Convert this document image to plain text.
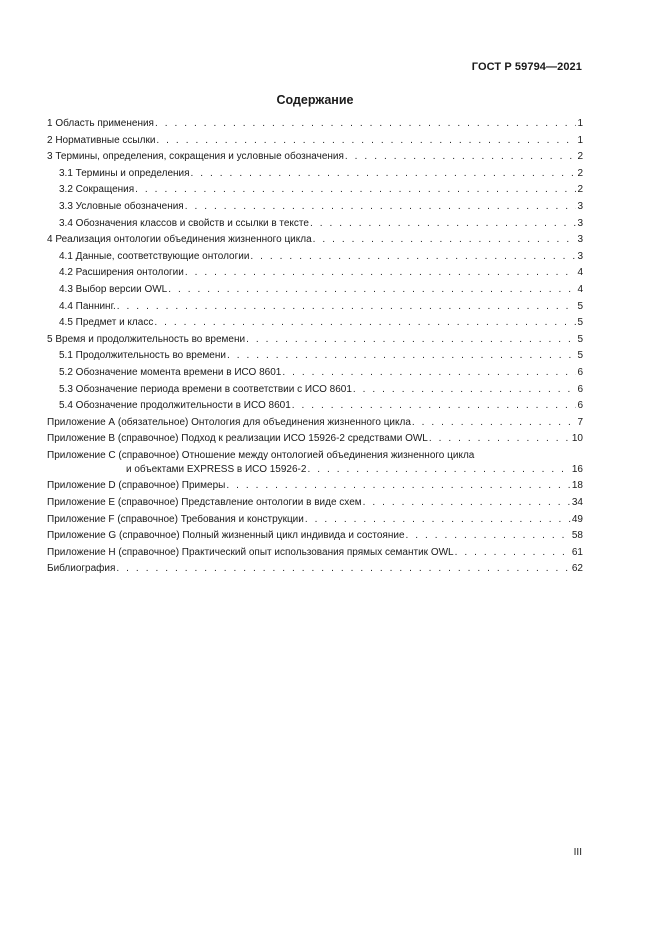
ГОСТ Р 59794—2021
Содержание
1 Область применения . . .	1
2 Нормативные ссылки . . .	1
3 Термины, определения, сокращения и условные обозначения . . .	2
3.1 Термины и определения . . .	2
3.2 Сокращения . . .	2
3.3 Условные обозначения . . .	3
3.4 Обозначения классов и свойств и ссылки в тексте . . .	3
4 Реализация онтологии объединения жизненного цикла . . .	3
4.1 Данные, соответствующие онтологии . . .	3
4.2 Расширения онтологии . . .	4
4.3 Выбор версии OWL . . .	4
4.4 Паннинг. . . .	5
4.5 Предмет и класс . . .	5
5 Время и продолжительность во времени . . .	5
5.1 Продолжительность во времени . . .	5
5.2 Обозначение момента времени в ИСО 8601 . . .	6
5.3 Обозначение периода времени в соответствии с ИСО 8601 . . .	6
5.4 Обозначение продолжительности в ИСО 8601 . . .	6
Приложение А (обязательное) Онтология для объединения жизненного цикла . . .	7
Приложение В (справочное) Подход к реализации ИСО 15926-2 средствами OWL . . .	10
Приложение С (справочное) Отношение между онтологией объединения жизненного цикла
и объектами EXPRESS в ИСО 15926-2 . . .	16
Приложение D (справочное) Примеры . . .	18
Приложение Е (справочное) Представление онтологии в виде схем . . .	34
Приложение F (справочное) Требования и конструкции . . .	49
Приложение G (справочное) Полный жизненный цикл индивида и состояние . . .	58
Приложение Н (справочное) Практический опыт использования прямых семантик OWL . . .	61
Библиография . . .	62
III
